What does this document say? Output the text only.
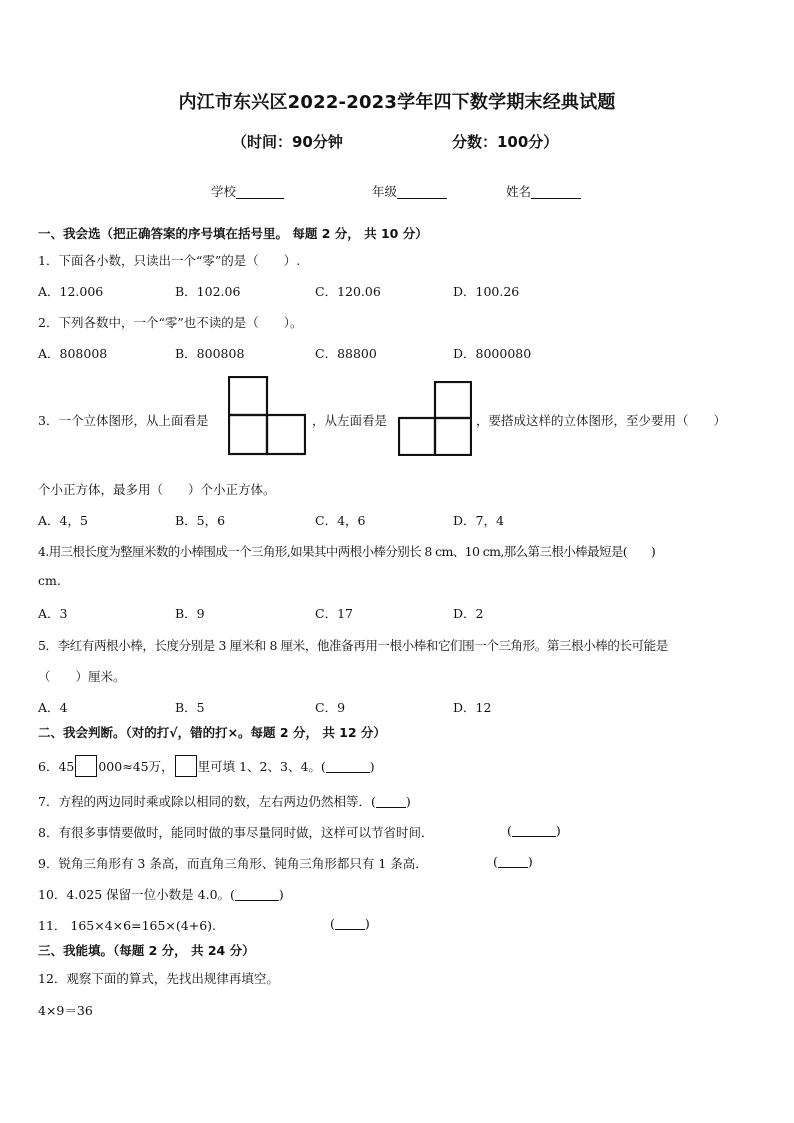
内江市东兴区2022-2023学年四下数学期末经典试题
（时间：90分钟	分数：100分）
学校	年级	姓名
一、我会选（把正确答案的序号填在括号里。 每题 2 分， 共 10 分）
1．下面各小数，只读出一个“零”的是（　　）.
A．12.006	B．102.06	C．120.06	D．100.26
2．下列各数中，一个“零”也不读的是（　　）。
A．808008	B．800808	C．88800	D．8000080
3．一个立体图形，从上面看是	，从左面看是	，要搭成这样的立体图形，至少要用（　　）
个小正方体，最多用（　　）个小正方体。
A．4，5	B．5，6	C．4，6	D．7，4
4.用三根长度为整厘米数的小棒围成一个三角形,如果其中两根小棒分别长 8 cm、10 cm,那么第三根小棒最短是(　　)
cm.
A．3	B．9	C．17	D．2
5．李红有两根小棒，长度分别是 3 厘米和 8 厘米，他准备再用一根小棒和它们围一个三角形。第三根小棒的长可能是
（　　）厘米。
A．4	B．5	C．9	D．12
二、我会判断。（对的打√，错的打×。每题 2 分， 共 12 分）
6．45 000≈45万， 里可填 1、2、3、4。(	)
7．方程的两边同时乘或除以相同的数，左右两边仍然相等．( )
8．有很多事情要做时，能同时做的事尽量同时做，这样可以节省时间．	(	)
9．锐角三角形有 3 条高，而直角三角形、钝角三角形都只有 1 条高．	( )
10．4.025 保留一位小数是 4.0。(	)
11． 165×4×6=165×(4+6).	( )
三、我能填。（每题 2 分， 共 24 分）
12．观察下面的算式，先找出规律再填空。
4×9＝36
